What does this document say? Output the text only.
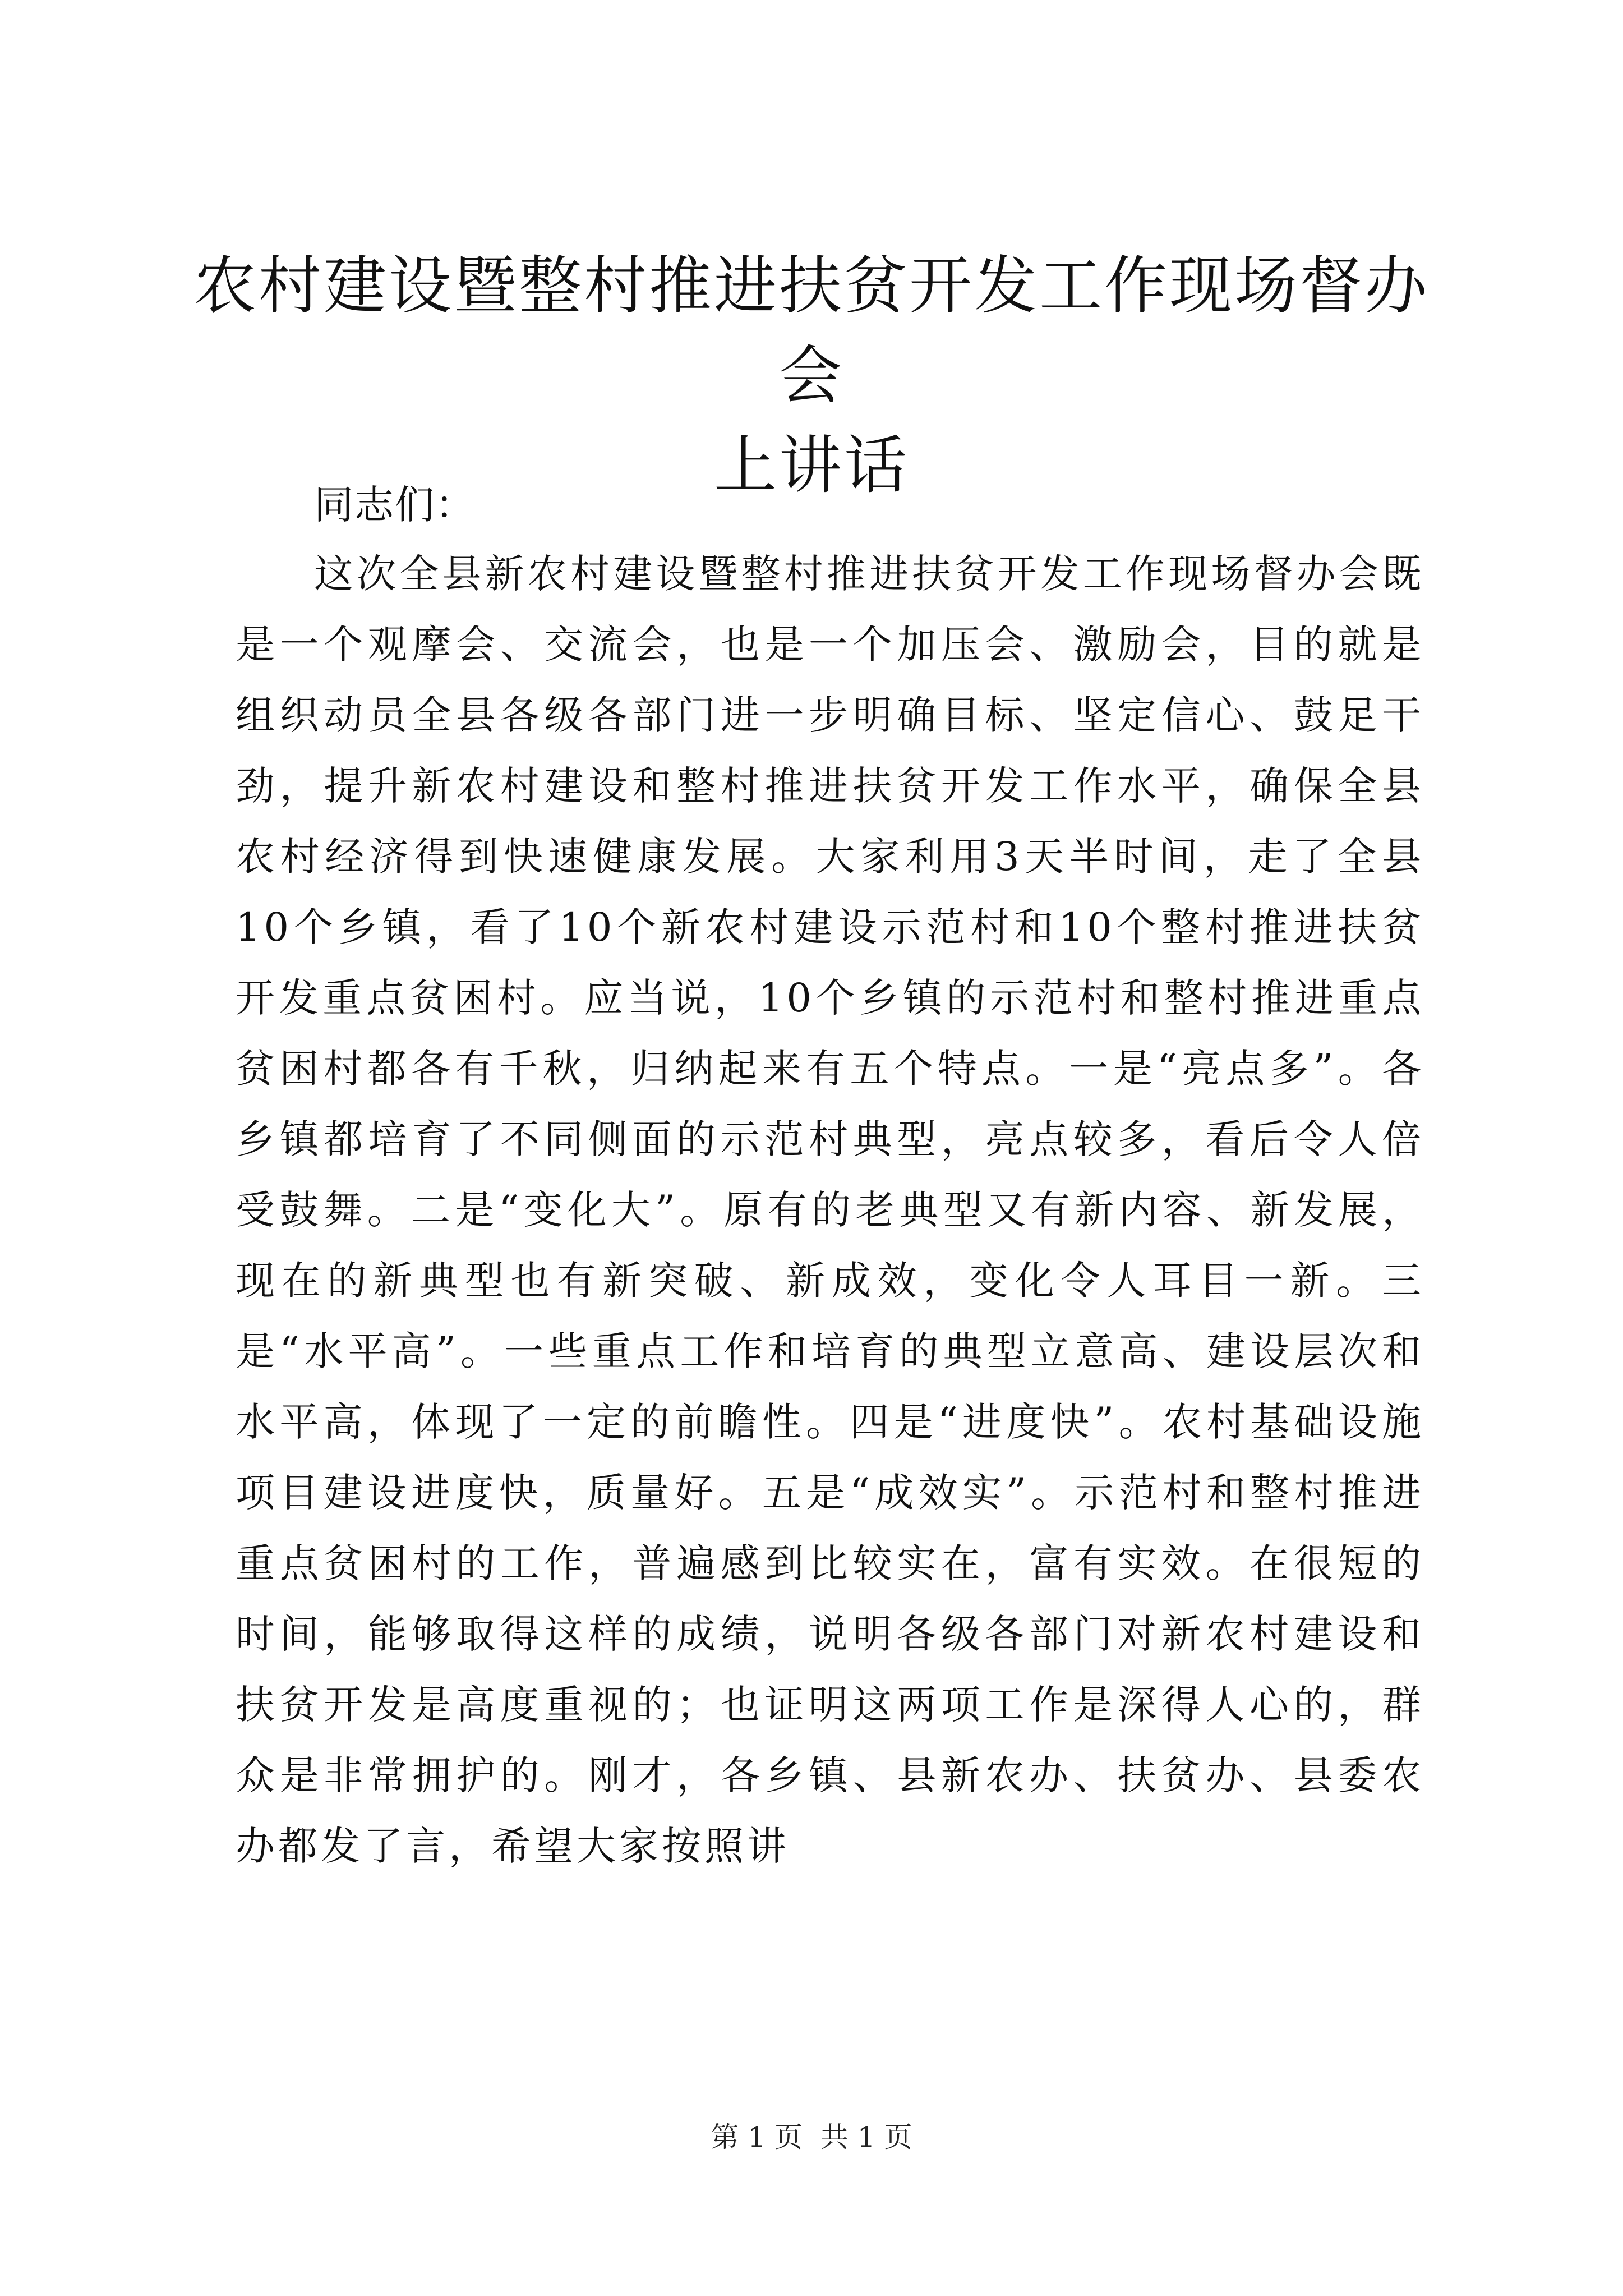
农村建设暨整村推进扶贫开发工作现场督办会
上讲话

同志们：

这次全县新农村建设暨整村推进扶贫开发工作现场督办会既是一个观摩会、交流会，也是一个加压会、激励会，目的就是组织动员全县各级各部门进一步明确目标、坚定信心、鼓足干劲，提升新农村建设和整村推进扶贫开发工作水平，确保全县农村经济得到快速健康发展。大家利用3天半时间，走了全县10个乡镇，看了10个新农村建设示范村和10个整村推进扶贫开发重点贫困村。应当说，10个乡镇的示范村和整村推进重点贫困村都各有千秋，归纳起来有五个特点。一是“亮点多”。各乡镇都培育了不同侧面的示范村典型，亮点较多，看后令人倍受鼓舞。二是“变化大”。原有的老典型又有新内容、新发展，现在的新典型也有新突破、新成效，变化令人耳目一新。三是“水平高”。一些重点工作和培育的典型立意高、建设层次和水平高，体现了一定的前瞻性。四是“进度快”。农村基础设施项目建设进度快，质量好。五是“成效实”。示范村和整村推进重点贫困村的工作，普遍感到比较实在，富有实效。在很短的时间，能够取得这样的成绩，说明各级各部门对新农村建设和扶贫开发是高度重视的；也证明这两项工作是深得人心的，群众是非常拥护的。刚才，各乡镇、县新农办、扶贫办、县委农办都发了言，希望大家按照讲

第 1 页 共 1 页
